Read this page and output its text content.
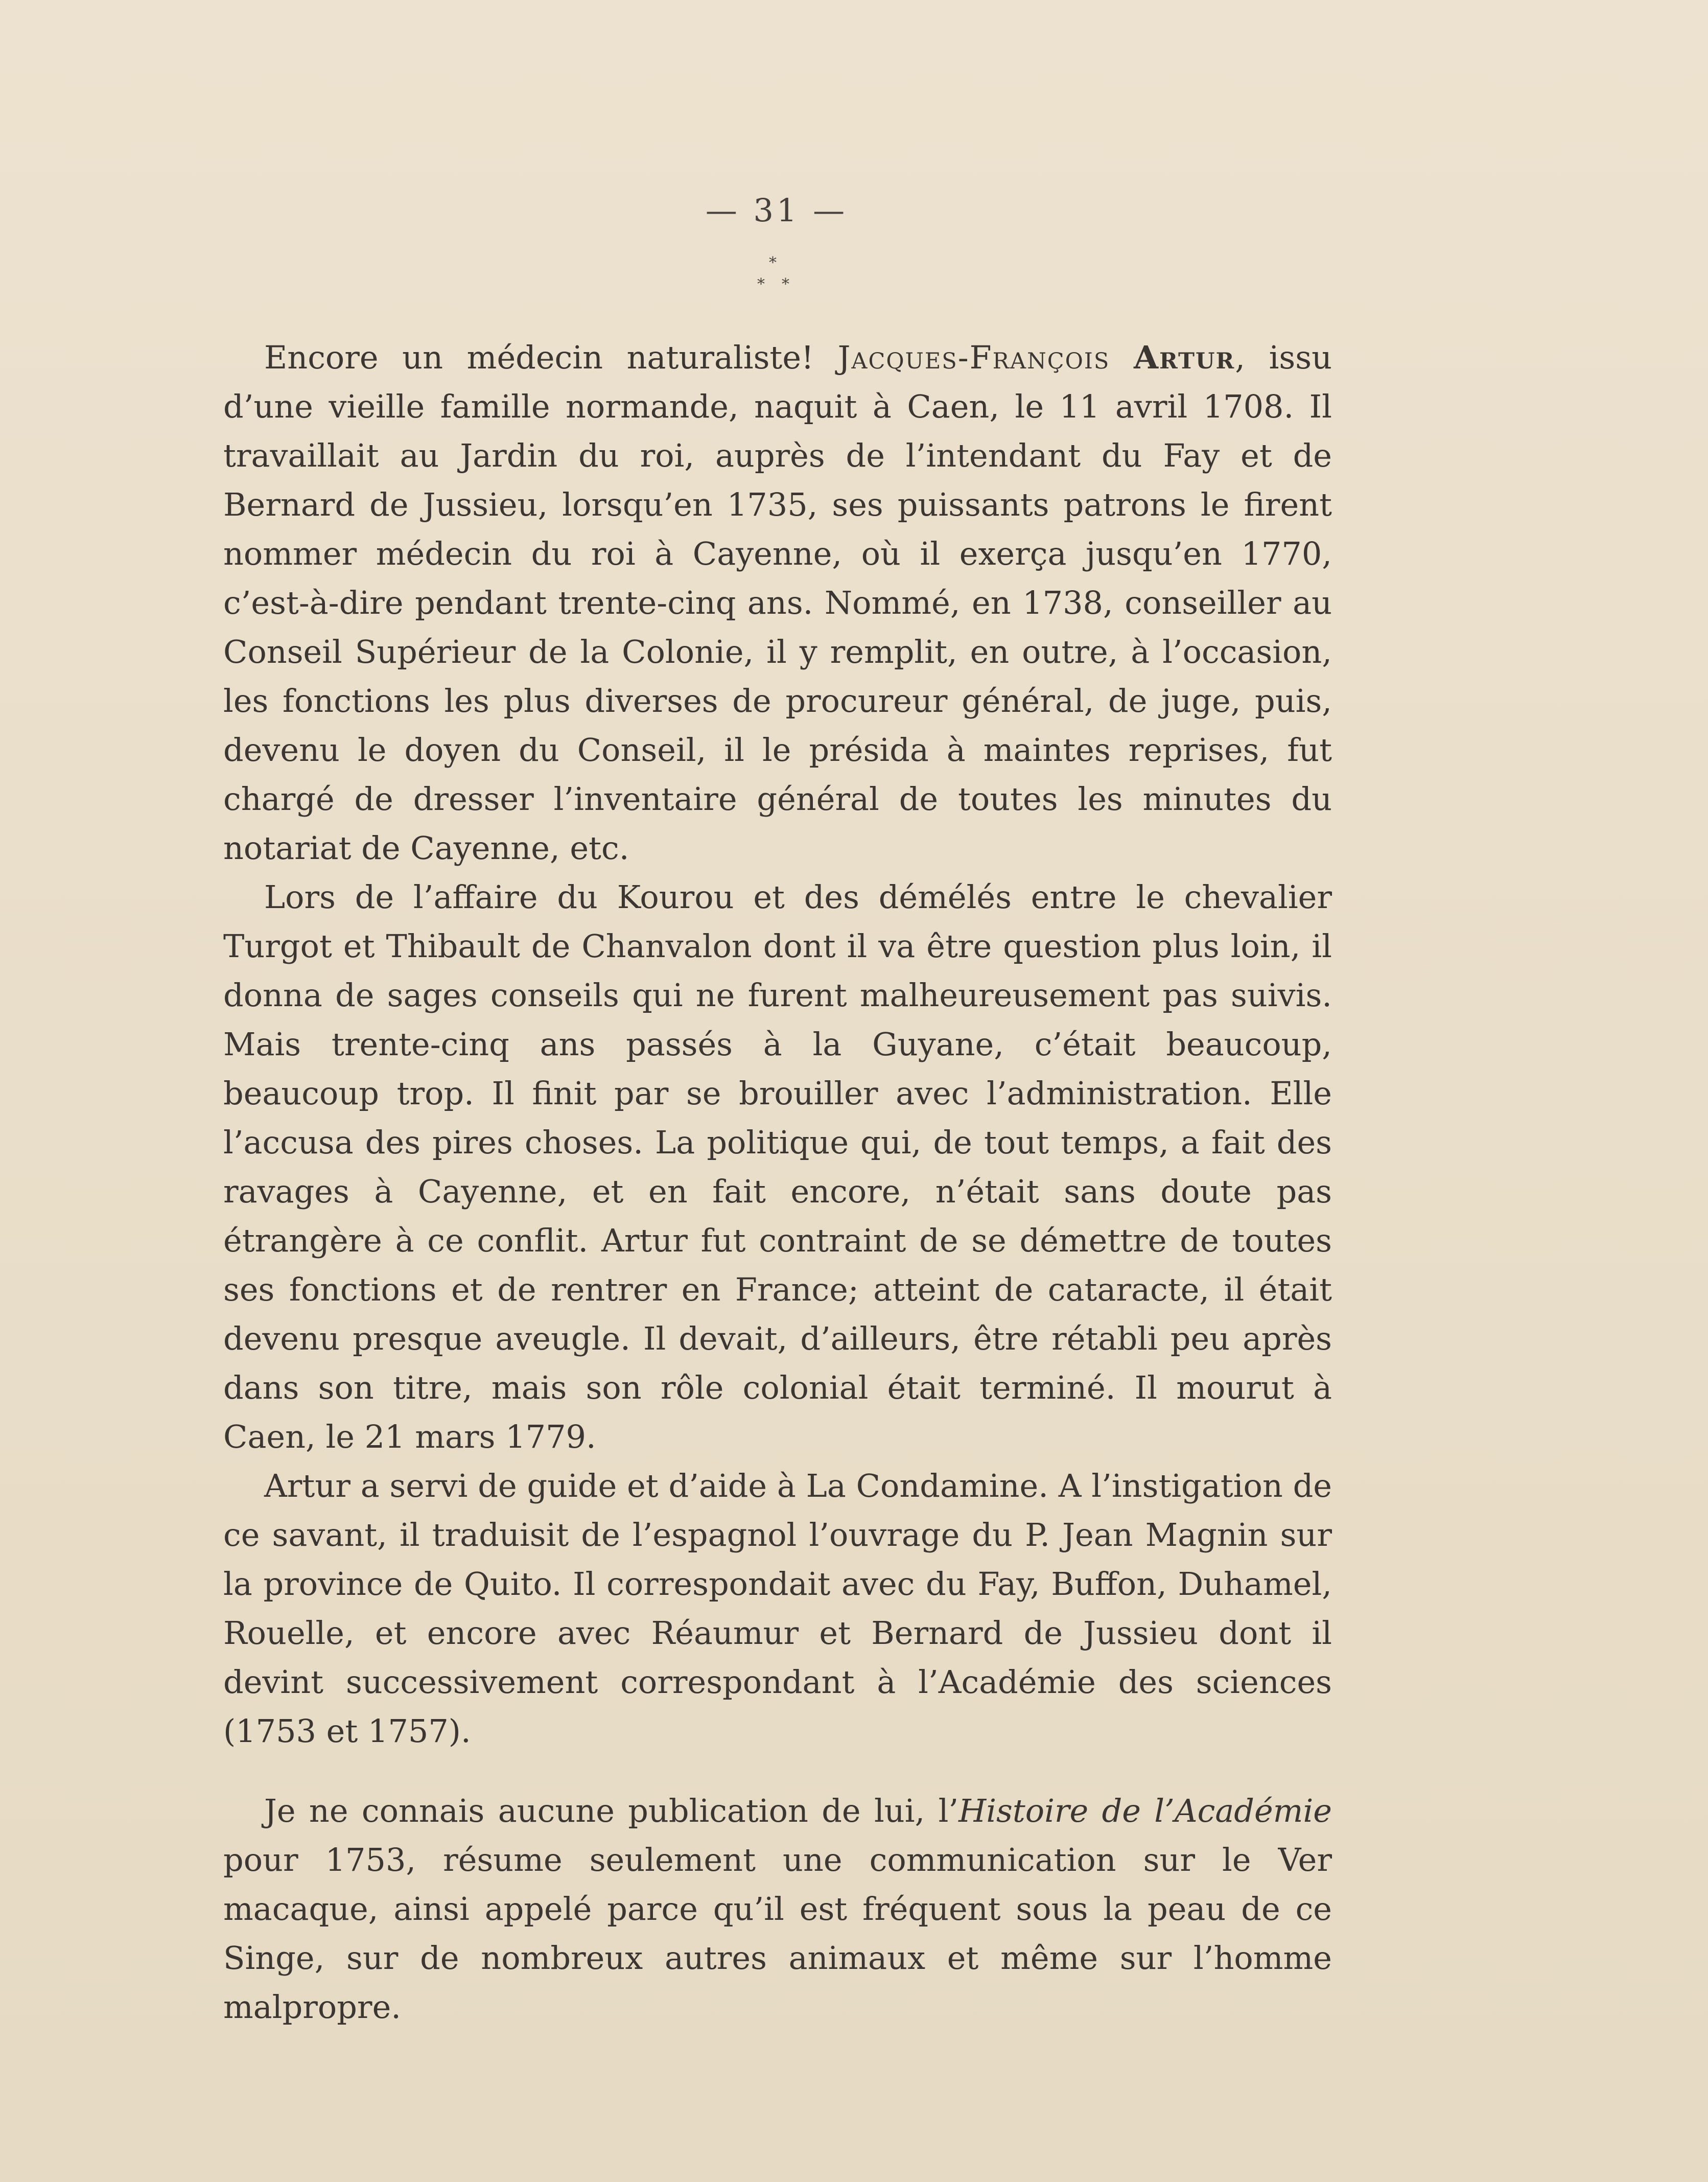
— 31 —
*
* *

Encore un médecin naturaliste! Jacques-François Artur, issu d’une vieille famille normande, naquit à Caen, le 11 avril 1708. Il travaillait au Jardin du roi, auprès de l’intendant du Fay et de Bernard de Jussieu, lorsqu’en 1735, ses puissants patrons le firent nommer médecin du roi à Cayenne, où il exerça jusqu’en 1770, c’est-à-dire pendant trente-cinq ans. Nommé, en 1738, conseiller au Conseil Supérieur de la Colonie, il y remplit, en outre, à l’occasion, les fonctions les plus diverses de procureur général, de juge, puis, devenu le doyen du Conseil, il le présida à maintes reprises, fut chargé de dresser l’inventaire général de toutes les minutes du notariat de Cayenne, etc.

Lors de l’affaire du Kourou et des démélés entre le chevalier Turgot et Thibault de Chanvalon dont il va être question plus loin, il donna de sages conseils qui ne furent malheureusement pas suivis. Mais trente-cinq ans passés à la Guyane, c’était beaucoup, beaucoup trop. Il finit par se brouiller avec l’administration. Elle l’accusa des pires choses. La politique qui, de tout temps, a fait des ravages à Cayenne, et en fait encore, n’était sans doute pas étrangère à ce conflit. Artur fut contraint de se démettre de toutes ses fonctions et de rentrer en France; atteint de cataracte, il était devenu presque aveugle. Il devait, d’ailleurs, être rétabli peu après dans son titre, mais son rôle colonial était terminé. Il mourut à Caen, le 21 mars 1779.

Artur a servi de guide et d’aide à La Condamine. A l’instigation de ce savant, il traduisit de l’espagnol l’ouvrage du P. Jean Magnin sur la province de Quito. Il correspondait avec du Fay, Buffon, Duhamel, Rouelle, et encore avec Réaumur et Bernard de Jussieu dont il devint successivement correspondant à l’Académie des sciences (1753 et 1757).

Je ne connais aucune publication de lui, l’Histoire de l’Académie pour 1753, résume seulement une communication sur le Ver macaque, ainsi appelé parce qu’il est fréquent sous la peau de ce Singe, sur de nombreux autres animaux et même sur l’homme malpropre.
